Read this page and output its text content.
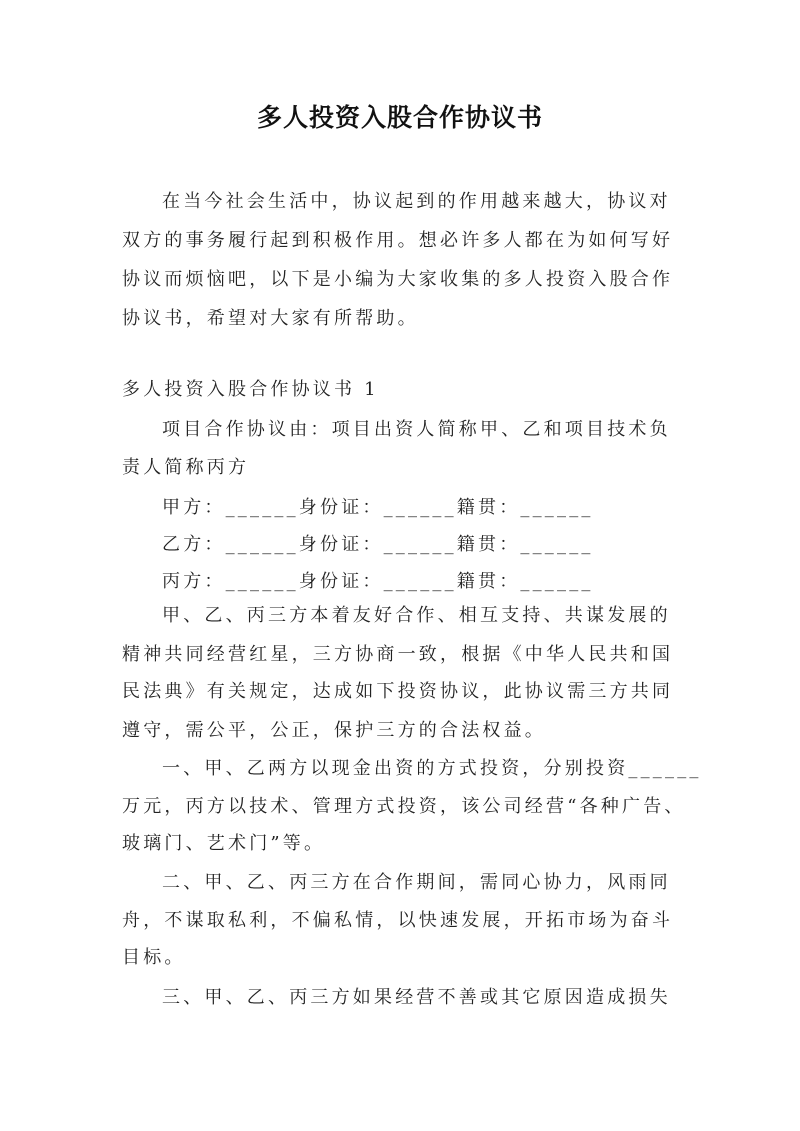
多人投资入股合作协议书
在当今社会生活中，协议起到的作用越来越大，协议对
双方的事务履行起到积极作用。想必许多人都在为如何写好
协议而烦恼吧，以下是小编为大家收集的多人投资入股合作
协议书，希望对大家有所帮助。
多人投资入股合作协议书 1
项目合作协议由：项目出资人简称甲、乙和项目技术负
责人简称丙方
甲方：______身份证：______籍贯：______
乙方：______身份证：______籍贯：______
丙方：______身份证：______籍贯：______
甲、乙、丙三方本着友好合作、相互支持、共谋发展的
精神共同经营红星，三方协商一致，根据《中华人民共和国
民法典》有关规定，达成如下投资协议，此协议需三方共同
遵守，需公平，公正，保护三方的合法权益。
一、甲、乙两方以现金出资的方式投资，分别投资______
万元，丙方以技术、管理方式投资，该公司经营“各种广告、
玻璃门、艺术门”等。
二、甲、乙、丙三方在合作期间，需同心协力，风雨同
舟，不谋取私利，不偏私情，以快速发展，开拓市场为奋斗
目标。
三、甲、乙、丙三方如果经营不善或其它原因造成损失
